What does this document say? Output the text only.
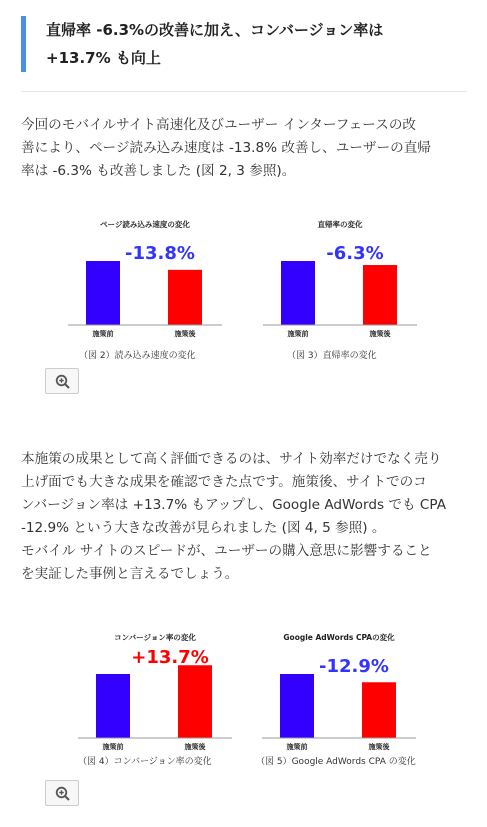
直帰率 -6.3%の改善に加え、コンバージョン率は
+13.7% も向上
今回のモバイルサイト高速化及びユーザー インターフェースの改
善により、ページ読み込み速度は -13.8% 改善し、ユーザーの直帰
率は -6.3% も改善しました (図 2, 3 参照)。
ページ読み込み速度の変化
施策前	施策後
-13.8%
（図 2）読み込み速度の変化
直帰率の変化
施策前	施策後
-6.3%
（図 3）直帰率の変化
本施策の成果として高く評価できるのは、サイト効率だけでなく売り
上げ面でも大きな成果を確認できた点です。施策後、サイトでのコ
ンバージョン率は +13.7% もアップし、Google AdWords でも CPA
-12.9% という大きな改善が見られました (図 4, 5 参照) 。
モバイル サイトのスピードが、ユーザーの購入意思に影響すること
を実証した事例と言えるでしょう。
コンバージョン率の変化
施策前	施策後
+13.7%
（図 4）コンバージョン率の変化
Google AdWords CPAの変化
施策前	施策後
-12.9%
（図 5）Google AdWords CPA の変化
